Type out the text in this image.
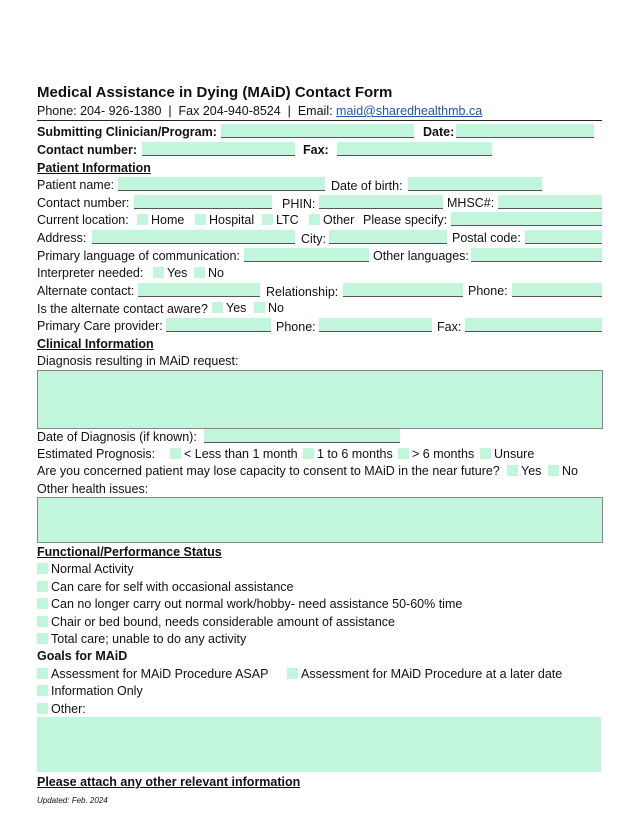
Medical Assistance in Dying (MAiD) Contact Form
Phone: 204- 926-1380  |  Fax 204-940-8524  |  Email: maid@sharedhealthmb.ca
Submitting Clinician/Program:	Date:
Contact number:	Fax:
Patient Information
Patient name:	Date of birth:
Contact number:	PHIN:	MHSC#:
Current location:	Home	Hospital	LTC	Other Please specify:
Address:	City:	Postal code:
Primary language of communication:	Other languages:
Interpreter needed:	Yes	No
Alternate contact:	Relationship:	Phone:
Is the alternate contact aware?	Yes	No
Primary Care provider:	Phone:	Fax:
Clinical Information
Diagnosis resulting in MAiD request:
Date of Diagnosis (if known):
Estimated Prognosis:	< Less than 1 month	1 to 6 months	> 6 months	Unsure
Are you concerned patient may lose capacity to consent to MAiD in the near future?	Yes	No
Other health issues:
Functional/Performance Status
Normal Activity
Can care for self with occasional assistance
Can no longer carry out normal work/hobby- need assistance 50-60% time
Chair or bed bound, needs considerable amount of assistance
Total care; unable to do any activity
Goals for MAiD
Assessment for MAiD Procedure ASAP	Assessment for MAiD Procedure at a later date
Information Only
Other:
Please attach any other relevant information
Updated: Feb. 2024
